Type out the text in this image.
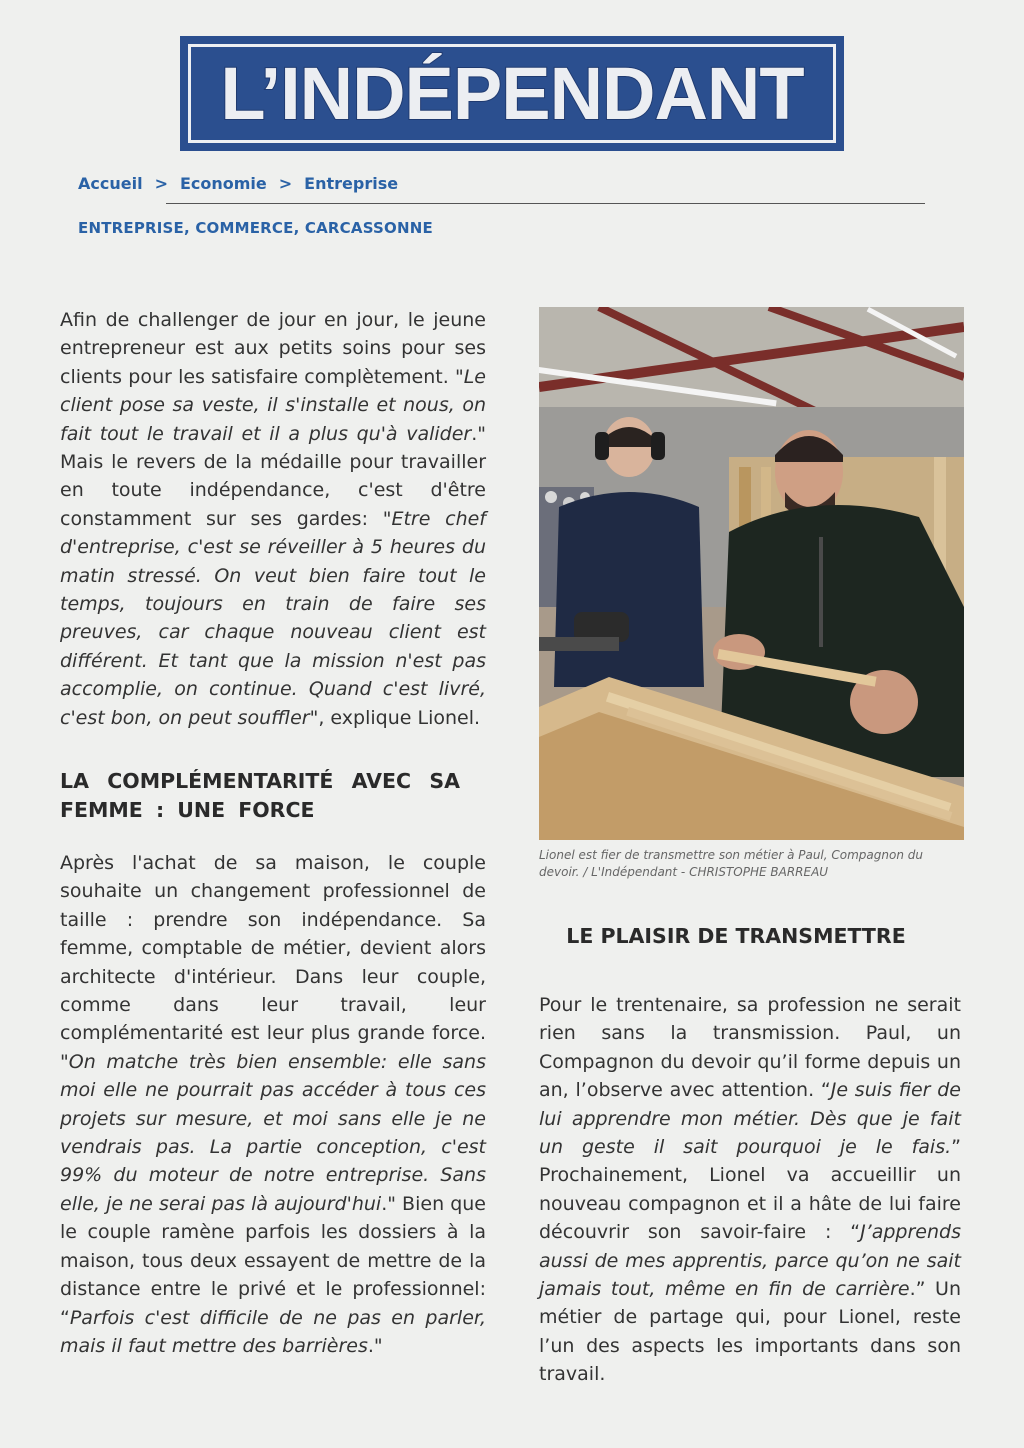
L’INDÉPENDANT
Accueil > Economie > Entreprise
ENTREPRISE, COMMERCE, CARCASSONNE

Afin de challenger de jour en jour, le jeune entrepreneur est aux petits soins pour ses clients pour les satisfaire complètement. "Le client pose sa veste, il s'installe et nous, on fait tout le travail et il a plus qu'à valider." Mais le revers de la médaille pour travailler en toute indépendance, c'est d'être constamment sur ses gardes: "Etre chef d'entreprise, c'est se réveiller à 5 heures du matin stressé. On veut bien faire tout le temps, toujours en train de faire ses preuves, car chaque nouveau client est différent. Et tant que la mission n'est pas accomplie, on continue. Quand c'est livré, c'est bon, on peut souffler", explique Lionel.

LA COMPLÉMENTARITÉ AVEC SA FEMME : UNE FORCE

Après l'achat de sa maison, le couple souhaite un changement professionnel de taille : prendre son indépendance. Sa femme, comptable de métier, devient alors architecte d'intérieur. Dans leur couple, comme dans leur travail, leur complémentarité est leur plus grande force. "On matche très bien ensemble: elle sans moi elle ne pourrait pas accéder à tous ces projets sur mesure, et moi sans elle je ne vendrais pas. La partie conception, c'est 99% du moteur de notre entreprise. Sans elle, je ne serai pas là aujourd'hui." Bien que le couple ramène parfois les dossiers à la maison, tous deux essayent de mettre de la distance entre le privé et le professionnel: “Parfois c'est difficile de ne pas en parler, mais il faut mettre des barrières."

Lionel est fier de transmettre son métier à Paul, Compagnon du devoir. / L'Indépendant - CHRISTOPHE BARREAU
LE PLAISIR DE TRANSMETTRE

Pour le trentenaire, sa profession ne serait rien sans la transmission. Paul, un Compagnon du devoir qu’il forme depuis un an, l’observe avec attention. “Je suis fier de lui apprendre mon métier. Dès que je fait un geste il sait pourquoi je le fais.” Prochainement, Lionel va accueillir un nouveau compagnon et il a hâte de lui faire découvrir son savoir-faire : “J’apprends aussi de mes apprentis, parce qu’on ne sait jamais tout, même en fin de carrière.” Un métier de partage qui, pour Lionel, reste l’un des aspects les importants dans son travail.
